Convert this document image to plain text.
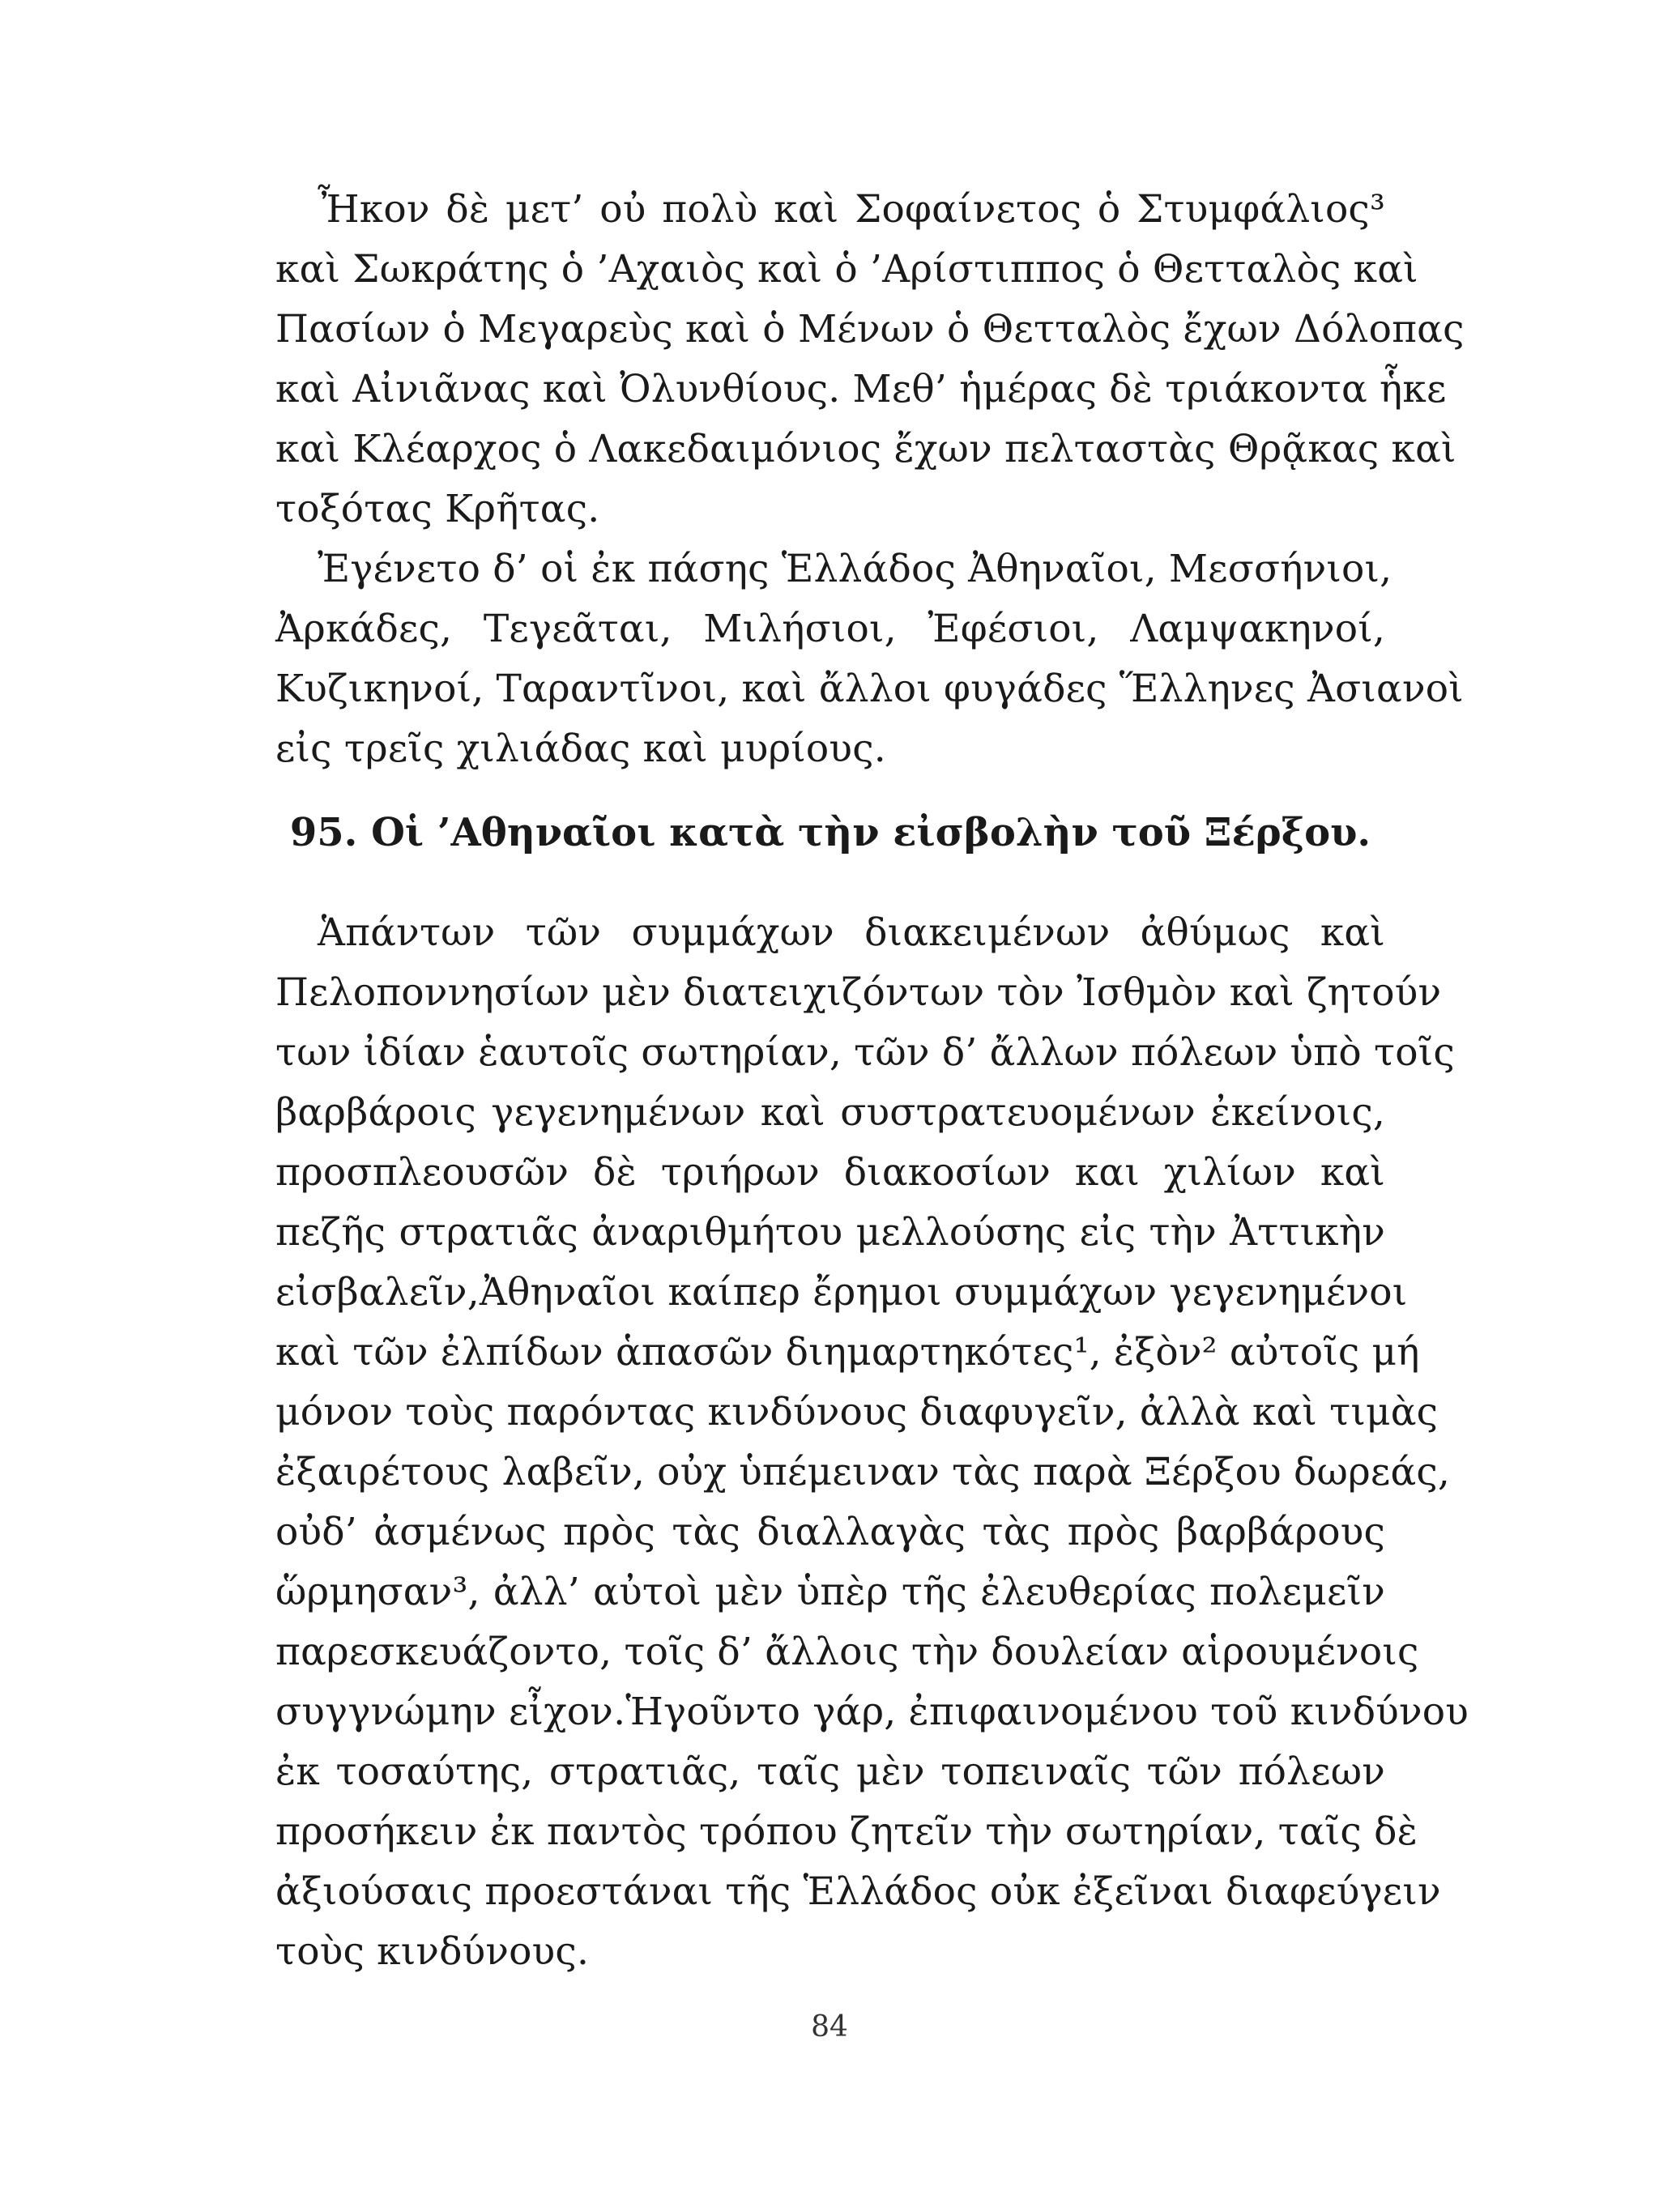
Ἦκον δὲ μετ’ οὐ πολὺ καὶ Σοφαίνετος ὁ Στυμφάλιος³
καὶ Σωκράτης ὁ ’Αχαιὸς καὶ ὁ ’Αρίστιππος ὁ Θετταλὸς καὶ
Πασίων ὁ Μεγαρεὺς καὶ ὁ Μένων ὁ Θετταλὸς ἔχων Δόλοπας
καὶ Αἰνιᾶνας καὶ Ὀλυνθίους. Μεθ’ ἡμέρας δὲ τριάκοντα ἧκε
καὶ Κλέαρχος ὁ Λακεδαιμόνιος ἔχων πελταστὰς Θρᾷκας καὶ
τοξότας Κρῆτας.
Ἐγένετο δ’ οἱ ἐκ πάσης Ἑλλάδος Ἀθηναῖοι, Μεσσήνιοι,
Ἀρκάδες, Τεγεᾶται, Μιλήσιοι, Ἐφέσιοι, Λαμψακηνοί,
Κυζικηνοί, Ταραντῖνοι, καὶ ἄλλοι φυγάδες Ἕλληνες Ἀσιανοὶ
εἰς τρεῖς χιλιάδας καὶ μυρίους.
95. Οἱ ’Αθηναῖοι κατὰ τὴν εἰσβολὴν τοῦ Ξέρξου.
Ἁπάντων τῶν συμμάχων διακειμένων ἀθύμως καὶ
Πελοποννησίων μὲν διατειχιζόντων τὸν Ἰσθμὸν καὶ ζητούν
των ἰδίαν ἑαυτοῖς σωτηρίαν, τῶν δ’ ἄλλων πόλεων ὑπὸ τοῖς
βαρβάροις γεγενημένων καὶ συστρατευομένων ἐκείνοις,
προσπλεουσῶν δὲ τριήρων διακοσίων και χιλίων καὶ
πεζῆς στρατιᾶς ἀναριθμήτου μελλούσης εἰς τὴν Ἀττικὴν
εἰσβαλεῖν,Ἀθηναῖοι καίπερ ἔρημοι συμμάχων γεγενημένοι
καὶ τῶν ἐλπίδων ἁπασῶν διημαρτηκότες¹, ἐξὸν² αὐτοῖς μή
μόνον τοὺς παρόντας κινδύνους διαφυγεῖν, ἀλλὰ καὶ τιμὰς
ἐξαιρέτους λαβεῖν, οὐχ ὑπέμειναν τὰς παρὰ Ξέρξου δωρεάς,
οὐδ’ ἀσμένως πρὸς τὰς διαλλαγὰς τὰς πρὸς βαρβάρους
ὥρμησαν³, ἀλλ’ αὐτοὶ μὲν ὑπὲρ τῆς ἐλευθερίας πολεμεῖν
παρεσκευάζοντο, τοῖς δ’ ἄλλοις τὴν δουλείαν αἱρουμένοις
συγγνώμην εἶχον.Ἡγοῦντο γάρ, ἐπιφαινομένου τοῦ κινδύνου
ἐκ τοσαύτης, στρατιᾶς, ταῖς μὲν τοπειναῖς τῶν πόλεων
προσήκειν ἐκ παντὸς τρόπου ζητεῖν τὴν σωτηρίαν, ταῖς δὲ
ἀξιούσαις προεστάναι τῆς Ἑλλάδος οὐκ ἐξεῖναι διαφεύγειν
τοὺς κινδύνους.
84
